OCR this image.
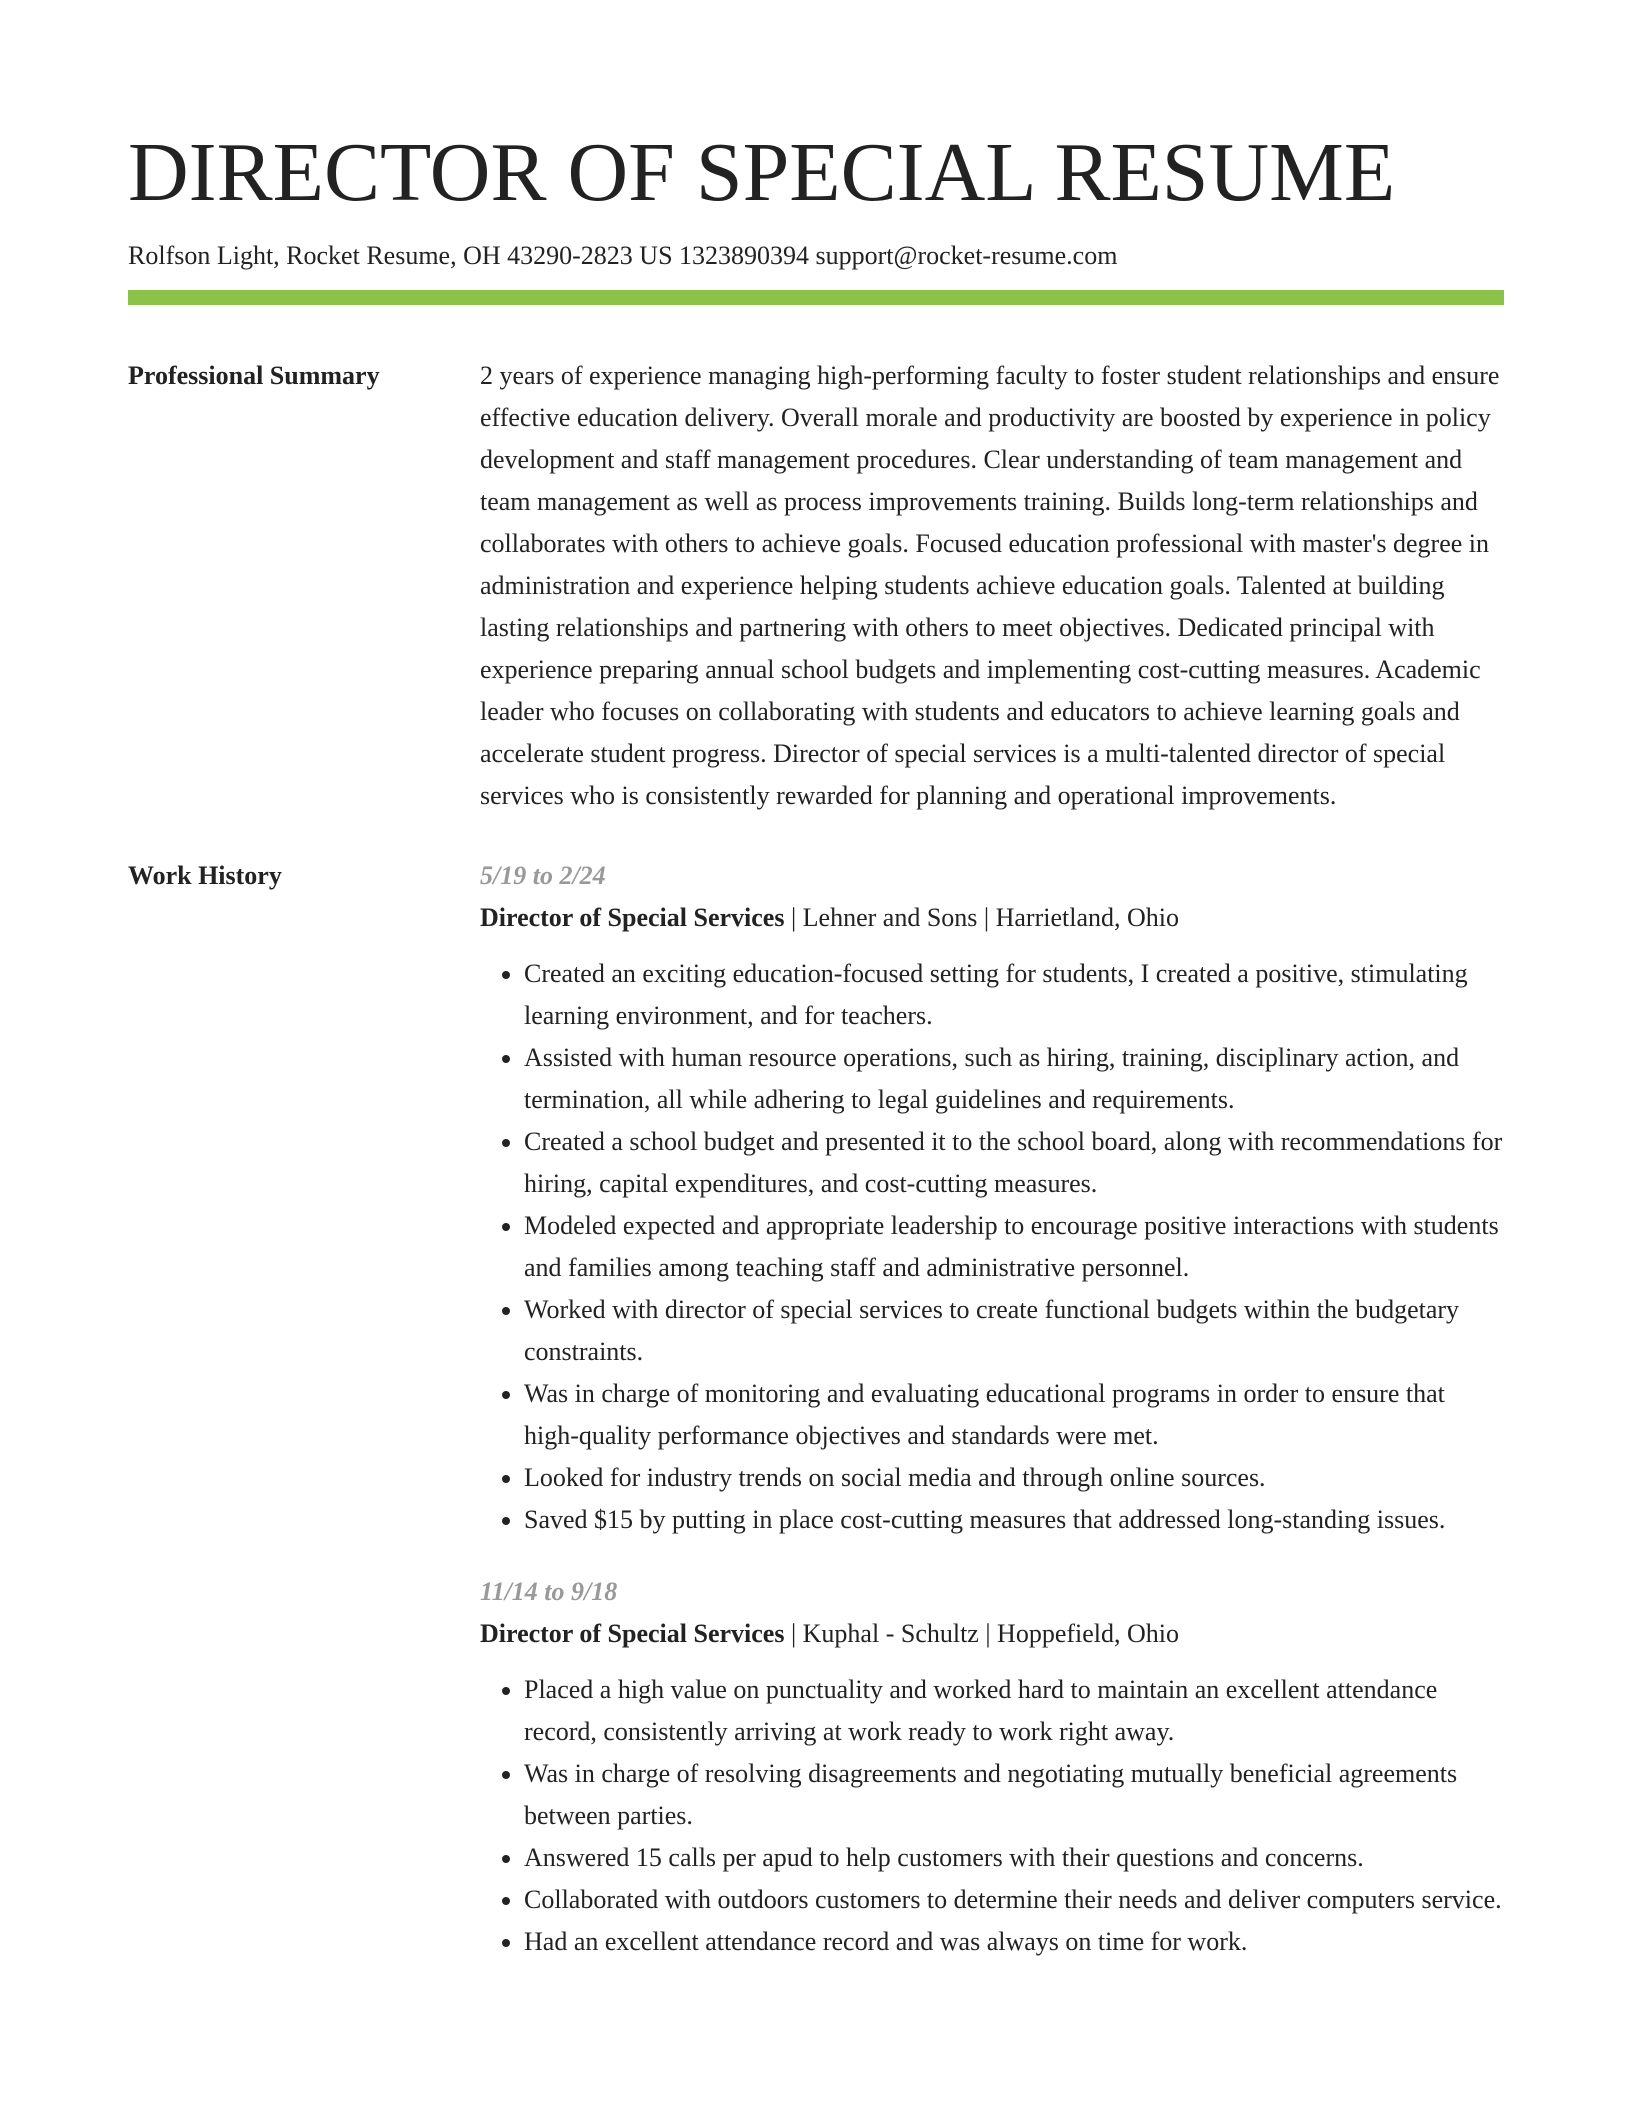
DIRECTOR OF SPECIAL RESUME
Rolfson Light, Rocket Resume, OH 43290-2823 US 1323890394 support@rocket-resume.com
Professional Summary	2 years of experience managing high-performing faculty to foster student relationships and ensure effective education delivery. Overall morale and productivity are boosted by experience in policy development and staff management procedures. Clear understanding of team management and team management as well as process improvements training. Builds long-term relationships and collaborates with others to achieve goals. Focused education professional with master's degree in administration and experience helping students achieve education goals. Talented at building lasting relationships and partnering with others to meet objectives. Dedicated principal with experience preparing annual school budgets and implementing cost-cutting measures. Academic leader who focuses on collaborating with students and educators to achieve learning goals and accelerate student progress. Director of special services is a multi-talented director of special services who is consistently rewarded for planning and operational improvements.

Work History	5/19 to 2/24
Director of Special Services | Lehner and Sons | Harrietland, Ohio
• Created an exciting education-focused setting for students, I created a positive, stimulating learning environment, and for teachers.
• Assisted with human resource operations, such as hiring, training, disciplinary action, and termination, all while adhering to legal guidelines and requirements.
• Created a school budget and presented it to the school board, along with recommendations for hiring, capital expenditures, and cost-cutting measures.
• Modeled expected and appropriate leadership to encourage positive interactions with students and families among teaching staff and administrative personnel.
• Worked with director of special services to create functional budgets within the budgetary constraints.
• Was in charge of monitoring and evaluating educational programs in order to ensure that high-quality performance objectives and standards were met.
• Looked for industry trends on social media and through online sources.
• Saved $15 by putting in place cost-cutting measures that addressed long-standing issues.
11/14 to 9/18
Director of Special Services | Kuphal - Schultz | Hoppefield, Ohio
• Placed a high value on punctuality and worked hard to maintain an excellent attendance record, consistently arriving at work ready to work right away.
• Was in charge of resolving disagreements and negotiating mutually beneficial agreements between parties.
• Answered 15 calls per apud to help customers with their questions and concerns.
• Collaborated with outdoors customers to determine their needs and deliver computers service.
• Had an excellent attendance record and was always on time for work.
